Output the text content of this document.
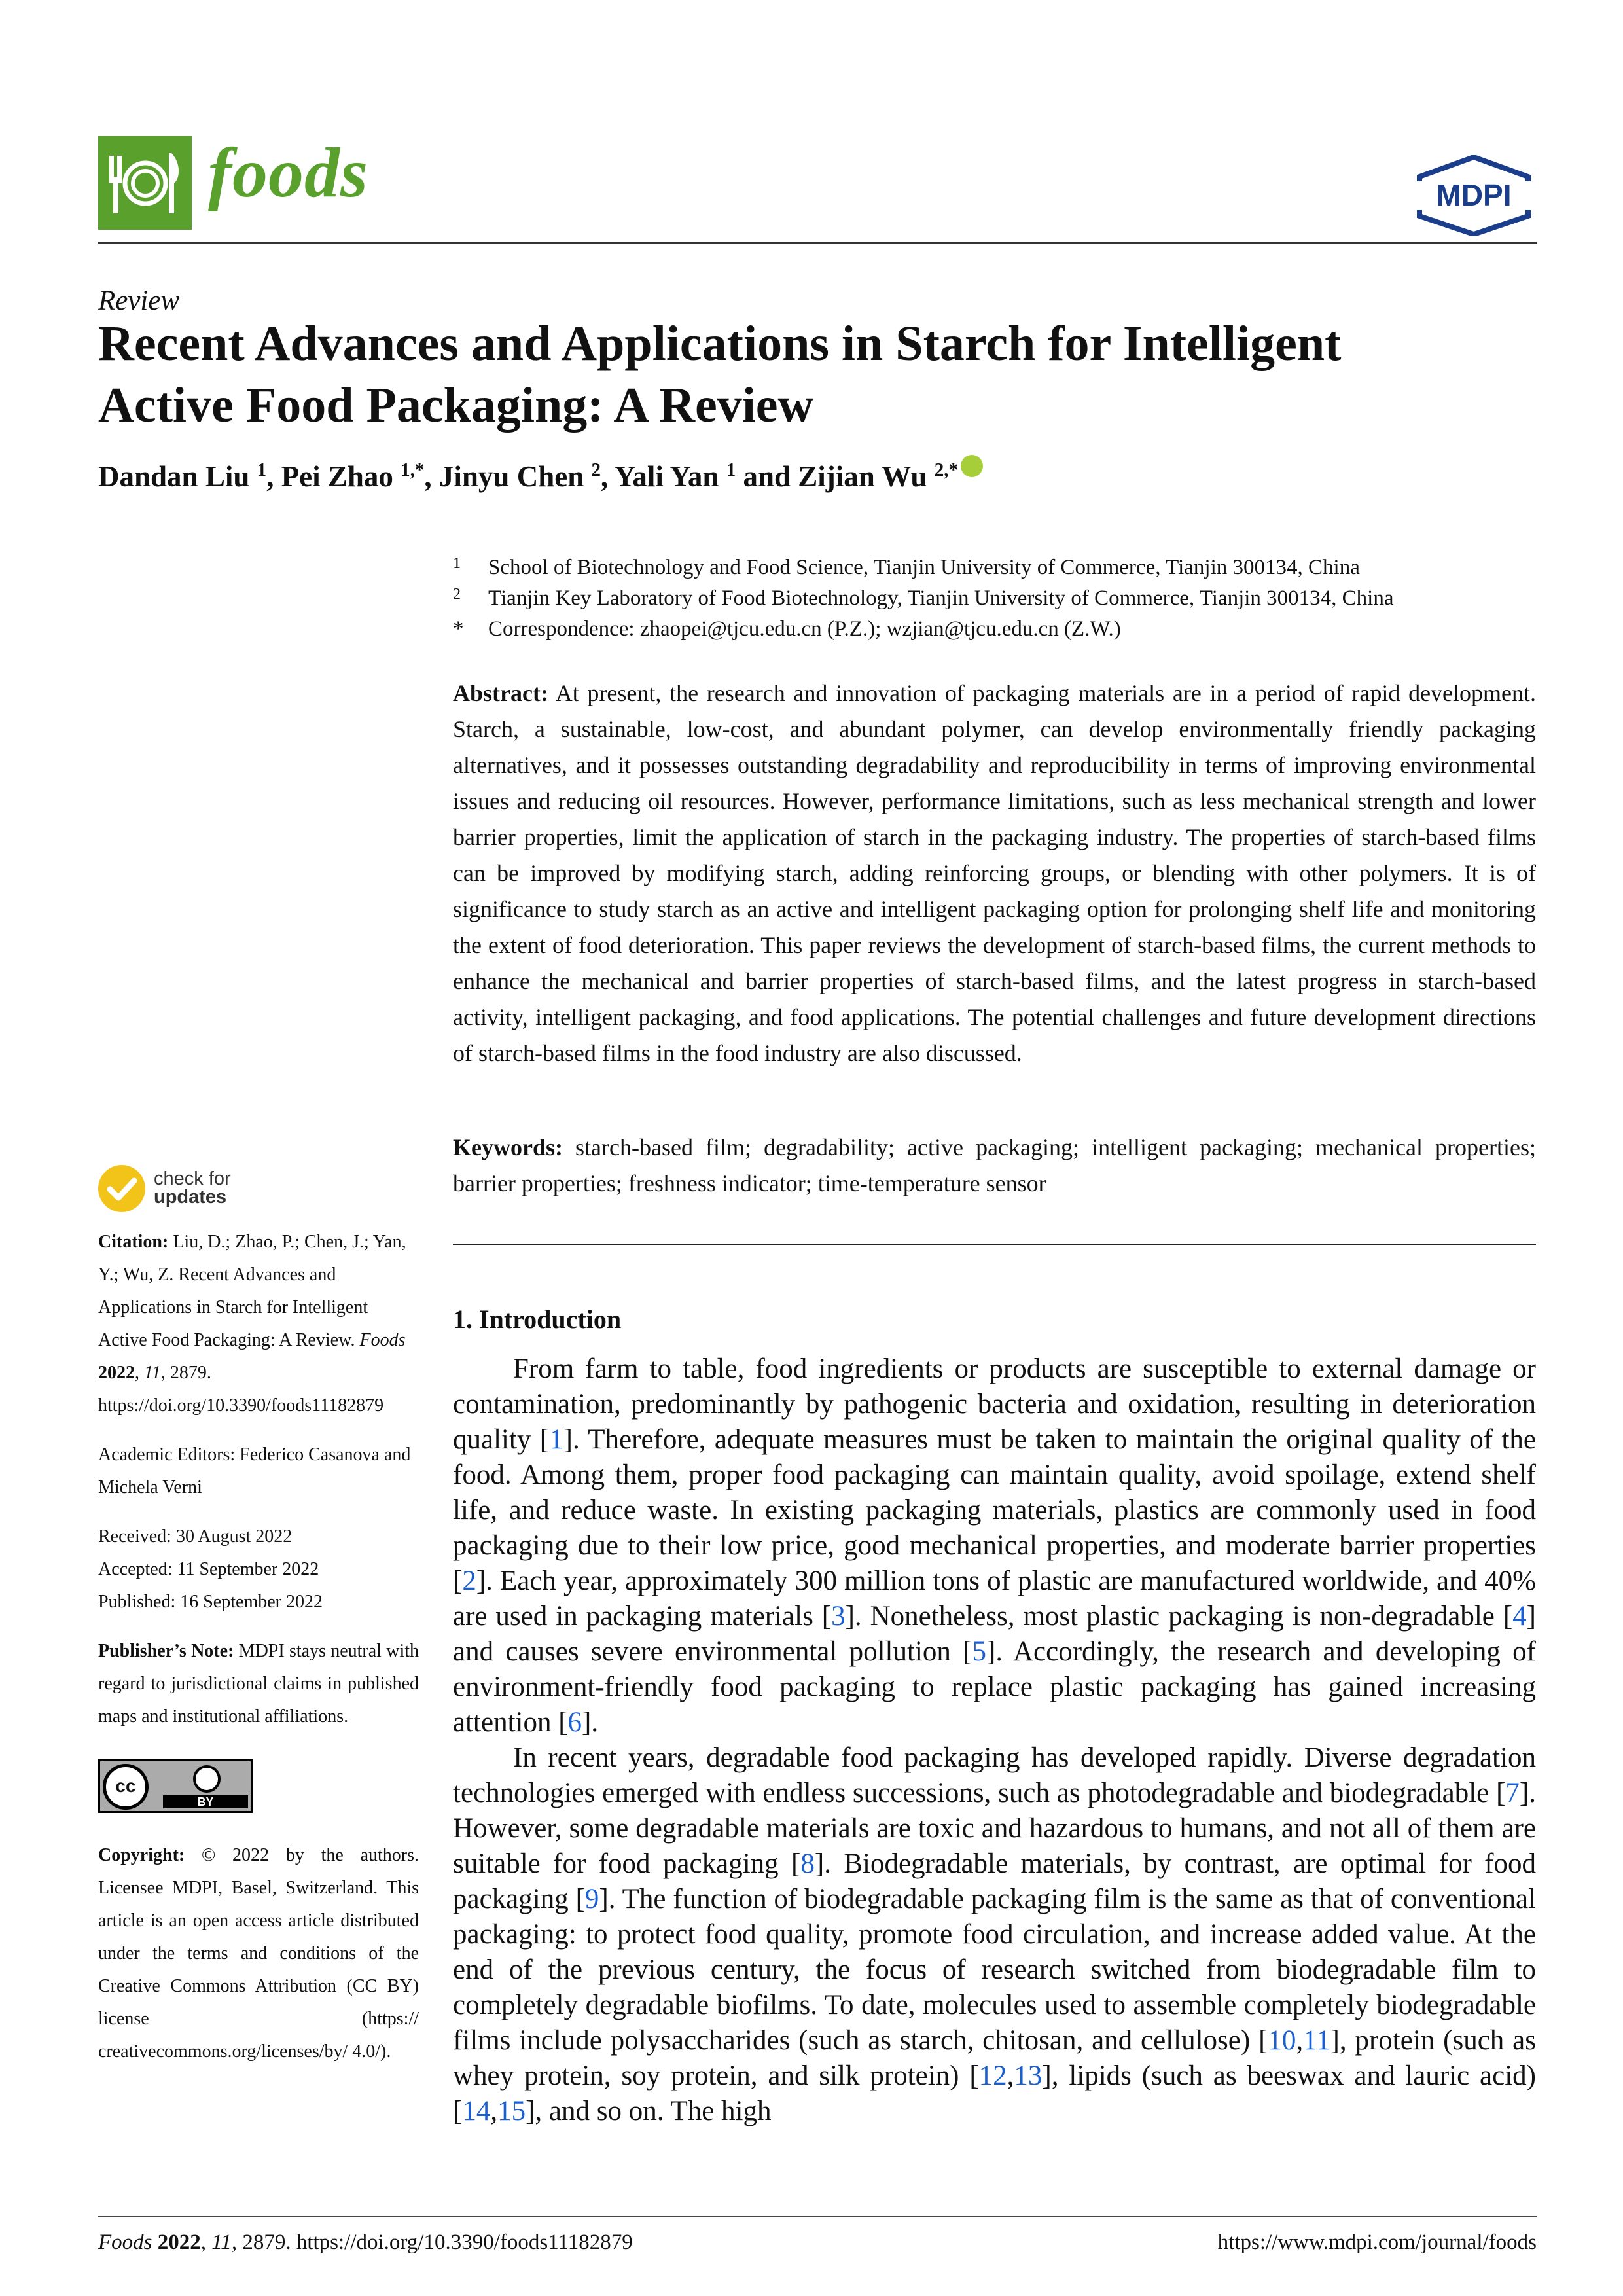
foods	MDPI
Review
Recent Advances and Applications in Starch for Intelligent
Active Food Packaging: A Review
Dandan Liu $^1$, Pei Zhao $^{1,*}$, Jinyu Chen $^2$, Yali Yan $^1$ and Zijian Wu $^{2,*}$
1 School of Biotechnology and Food Science, Tianjin University of Commerce, Tianjin 300134, China
2 Tianjin Key Laboratory of Food Biotechnology, Tianjin University of Commerce, Tianjin 300134, China
* Correspondence: zhaopei@tjcu.edu.cn (P.Z.); wzjian@tjcu.edu.cn (Z.W.)
Abstract: At present, the research and innovation of packaging materials are in a period of rapid development. Starch, a sustainable, low-cost, and abundant polymer, can develop environmentally friendly packaging alternatives, and it possesses outstanding degradability and reproducibility in terms of improving environmental issues and reducing oil resources. However, performance limitations, such as less mechanical strength and lower barrier properties, limit the application of starch in the packaging industry. The properties of starch-based films can be improved by modifying starch, adding reinforcing groups, or blending with other polymers. It is of significance to study starch as an active and intelligent packaging option for prolonging shelf life and monitoring the extent of food deterioration. This paper reviews the development of starch-based films, the current methods to enhance the mechanical and barrier properties of starch-based films, and the latest progress in starch-based activity, intelligent packaging, and food applications. The potential challenges and future development directions of starch-based films in the food industry are also discussed.
Keywords: starch-based film; degradability; active packaging; intelligent packaging; mechanical properties; barrier properties; freshness indicator; time-temperature sensor
1. Introduction

From farm to table, food ingredients or products are susceptible to external damage or contamination, predominantly by pathogenic bacteria and oxidation, resulting in deterioration quality [1]. Therefore, adequate measures must be taken to maintain the original quality of the food. Among them, proper food packaging can maintain quality, avoid spoilage, extend shelf life, and reduce waste. In existing packaging materials, plastics are commonly used in food packaging due to their low price, good mechanical properties, and moderate barrier properties [2]. Each year, approximately 300 million tons of plastic are manufactured worldwide, and 40% are used in packaging materials [3]. Nonetheless, most plastic packaging is non-degradable [4] and causes severe environmental pollution [5]. Accordingly, the research and developing of environment-friendly food packaging to replace plastic packaging has gained increasing attention [6].

In recent years, degradable food packaging has developed rapidly. Diverse degradation technologies emerged with endless successions, such as photodegradable and biodegradable [7]. However, some degradable materials are toxic and hazardous to humans, and not all of them are suitable for food packaging [8]. Biodegradable materials, by contrast, are optimal for food packaging [9]. The function of biodegradable packaging film is the same as that of conventional packaging: to protect food quality, promote food circulation, and increase added value. At the end of the previous century, the focus of research switched from biodegradable film to completely degradable biofilms. To date, molecules used to assemble completely biodegradable films include polysaccharides (such as starch, chitosan, and cellulose) [10,11], protein (such as whey protein, soy protein, and silk protein) [12,13], lipids (such as beeswax and lauric acid) [14,15], and so on. The high

check for
updates
Citation: Liu, D.; Zhao, P.; Chen, J.; Yan, Y.; Wu, Z. Recent Advances and Applications in Starch for Intelligent Active Food Packaging: A Review. Foods 2022, 11, 2879. https://doi.org/10.3390/foods11182879
Academic Editors: Federico Casanova and Michela Verni
Received: 30 August 2022
Accepted: 11 September 2022
Published: 16 September 2022
Publisher’s Note: MDPI stays neutral with regard to jurisdictional claims in published maps and institutional affiliations.
cc
BY
Copyright: © 2022 by the authors. Licensee MDPI, Basel, Switzerland. This article is an open access article distributed under the terms and conditions of the Creative Commons Attribution (CC BY) license (https:// creativecommons.org/licenses/by/ 4.0/).
Foods 2022, 11, 2879. https://doi.org/10.3390/foods11182879	https://www.mdpi.com/journal/foods
